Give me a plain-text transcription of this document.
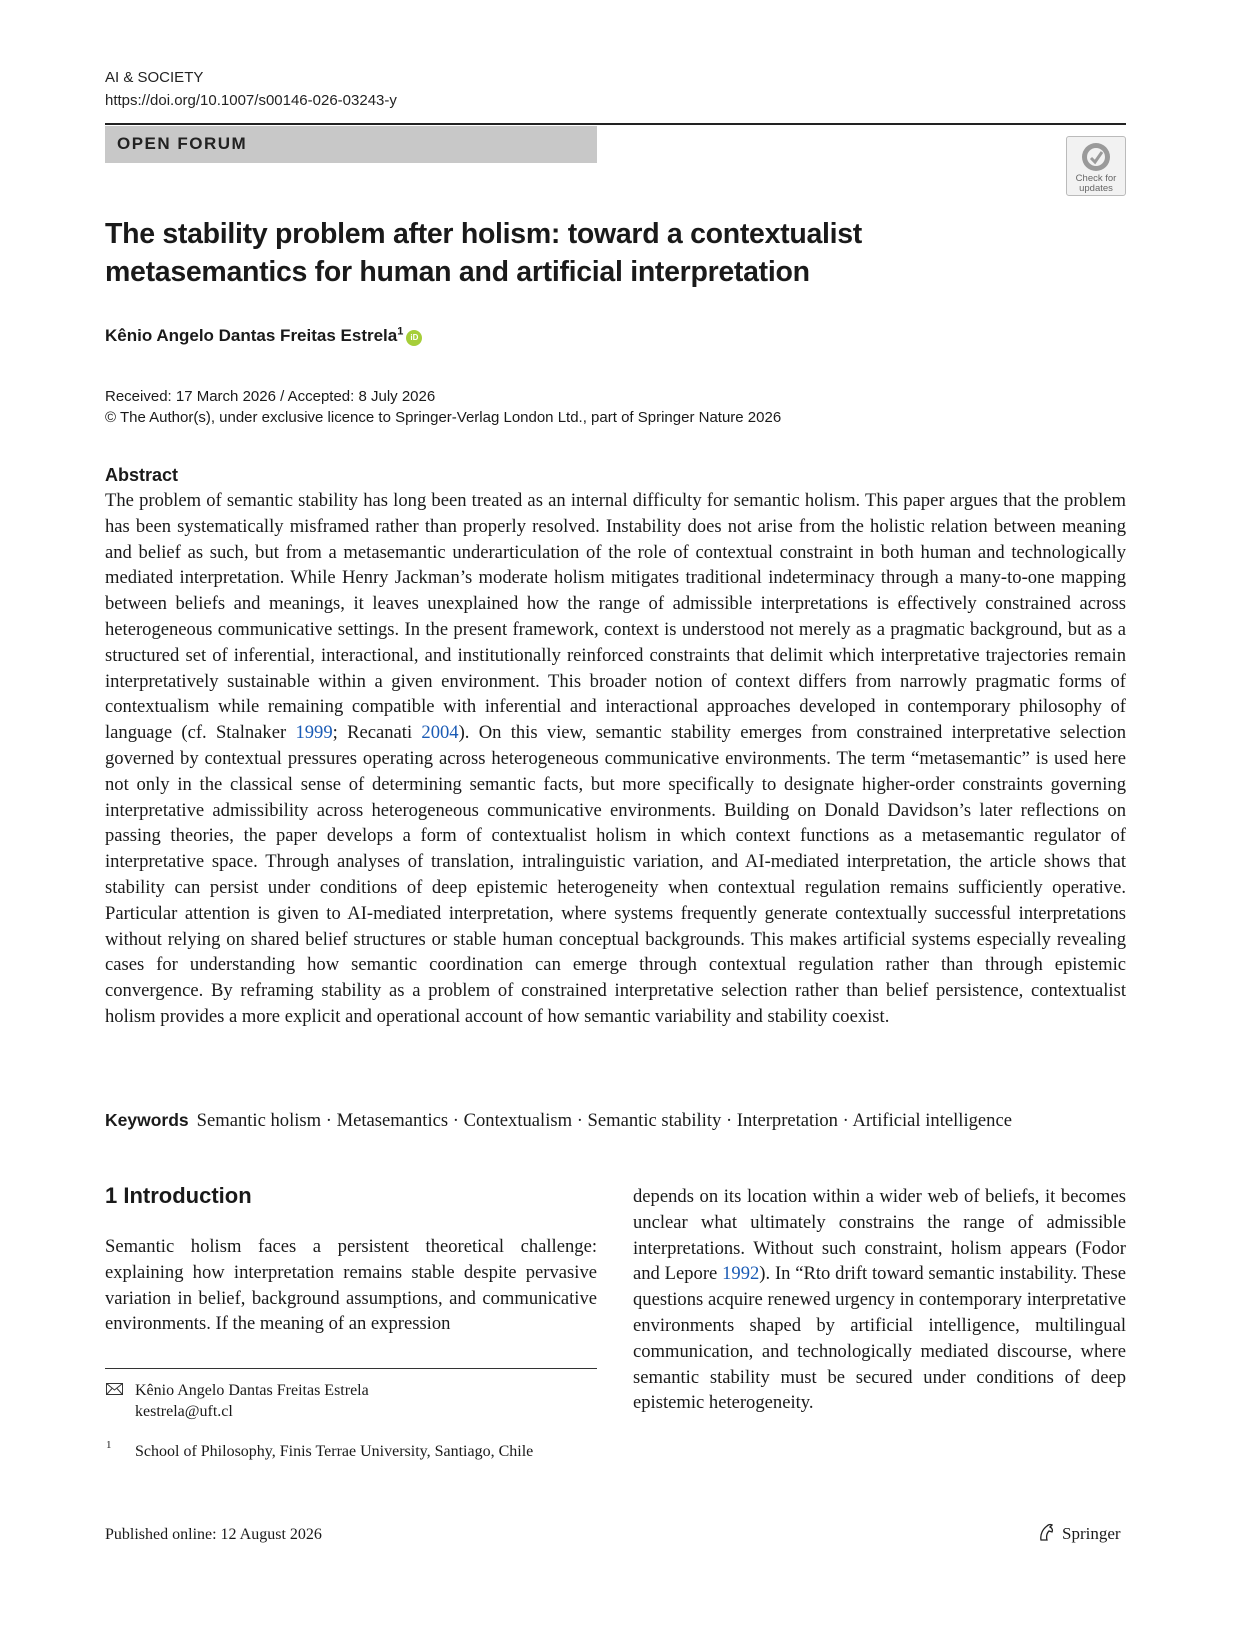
AI & SOCIETY
https://doi.org/10.1007/s00146-026-03243-y
OPEN FORUM
Check for updates
The stability problem after holism: toward a contextualist metasemantics for human and artificial interpretation
Kênio Angelo Dantas Freitas Estrela$^1$iD
Received: 17 March 2026 / Accepted: 8 July 2026
© The Author(s), under exclusive licence to Springer-Verlag London Ltd., part of Springer Nature 2026
Abstract

The problem of semantic stability has long been treated as an internal difficulty for semantic holism. This paper argues that the problem has been systematically misframed rather than properly resolved. Instability does not arise from the holistic relation between meaning and belief as such, but from a metasemantic underarticulation of the role of contextual constraint in both human and technologically mediated interpretation. While Henry Jackman’s moderate holism mitigates traditional indeterminacy through a many-to-one mapping between beliefs and meanings, it leaves unexplained how the range of admissible interpretations is effectively constrained across heterogeneous communicative settings. In the present framework, context is understood not merely as a pragmatic background, but as a structured set of inferential, interactional, and institutionally reinforced constraints that delimit which interpretative trajectories remain interpretatively sustainable within a given environment. This broader notion of context differs from narrowly pragmatic forms of contextualism while remaining compatible with inferential and interactional approaches developed in contemporary philosophy of language (cf. Stalnaker 1999; Recanati 2004). On this view, semantic stability emerges from constrained interpretative selection governed by contextual pressures operating across heterogeneous communicative environments. The term “metasemantic” is used here not only in the classical sense of determining semantic facts, but more specifically to designate higher-order constraints governing interpretative admissibility across heterogeneous communicative environments. Building on Donald Davidson’s later reflections on passing theories, the paper develops a form of contextualist holism in which context functions as a metasemantic regulator of interpretative space. Through analyses of translation, intralinguistic variation, and AI-mediated interpretation, the article shows that stability can persist under conditions of deep epistemic heterogeneity when contextual regulation remains sufficiently operative. Particular attention is given to AI-mediated interpretation, where systems frequently generate contextually successful interpretations without relying on shared belief structures or stable human conceptual backgrounds. This makes artificial systems especially revealing cases for understanding how semantic coordination can emerge through contextual regulation rather than through epistemic convergence. By reframing stability as a problem of constrained interpretative selection rather than belief persistence, contextualist holism provides a more explicit and operational account of how semantic variability and stability coexist.

Keywords Semantic holism · Metasemantics · Contextualism · Semantic stability · Interpretation · Artificial intelligence
1 Introduction

Semantic holism faces a persistent theoretical challenge: explaining how interpretation remains stable despite pervasive variation in belief, background assumptions, and communicative environments. If the meaning of an expression

depends on its location within a wider web of beliefs, it becomes unclear what ultimately constrains the range of admissible interpretations. Without such constraint, holism appears (Fodor and Lepore 1992). In “Rto drift toward semantic instability. These questions acquire renewed urgency in contemporary interpretative environments shaped by artificial intelligence, multilingual communication, and technologically mediated discourse, where semantic stability must be secured under conditions of deep epistemic heterogeneity.

Kênio Angelo Dantas Freitas Estrela
kestrela@uft.cl
1 School of Philosophy, Finis Terrae University, Santiago, Chile
Published online: 12 August 2026	Springer
